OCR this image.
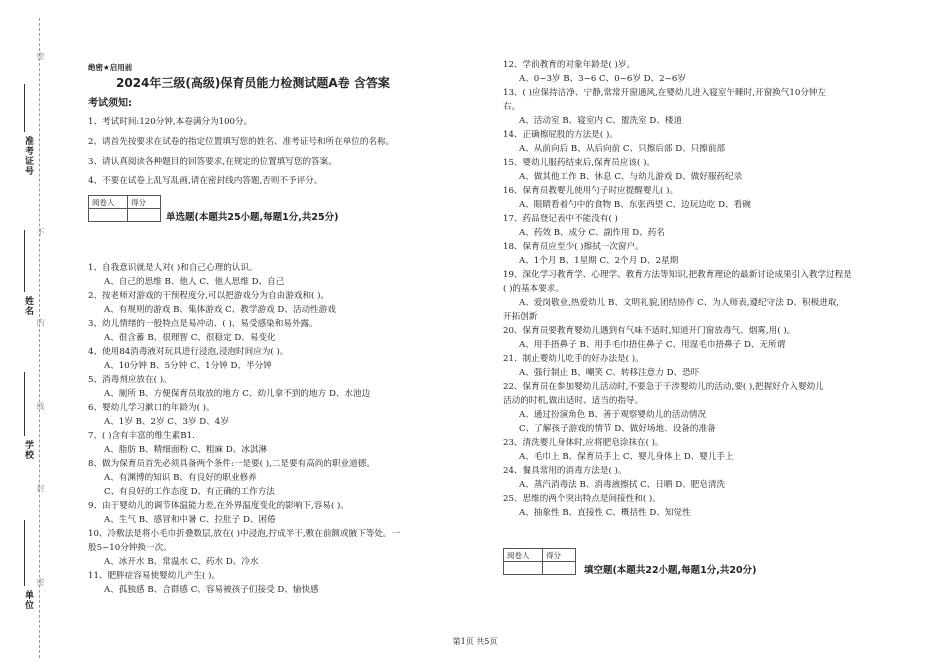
密
不
内
线
封
密
准考证号
姓名
学校
单位
绝密★启用前
2024年三级(高级)保育员能力检测试题A卷 含答案
考试须知:
1、考试时间:120分钟,本卷满分为100分。
2、请首先按要求在试卷的指定位置填写您的姓名、准考证号和所在单位的名称。
3、请认真阅读各种题目的回答要求,在规定的位置填写您的答案。
4、不要在试卷上乱写乱画,请在密封线内答题,否则不予评分。
阅卷人	得分

单选题(本题共25小题,每题1分,共25分)
1、自我意识就是人对( )和自己心理的认识。
A、自己的思维 B、他人 C、他人思维 D、自己
2、按老师对游戏的干预程度分,可以把游戏分为自由游戏和( )。
A、有规则的游戏 B、集体游戏 C、教学游戏 D、活动性游戏
3、幼儿情绪的一般特点是易冲动、( )、易受感染和易外露。
A、很含蓄 B、很理智 C、很稳定 D、易变化
4、使用84消毒液对玩具进行浸泡,浸泡时间应为( )。
A、10分钟 B、5分钟 C、1分钟 D、半分钟
5、消毒剂应放在( )。
A、厕所 B、方便保育员取放的地方 C、幼儿拿不到的地方 D、水池边
6、婴幼儿学习漱口的年龄为( )。
A、1岁 B、2岁 C、3岁 D、4岁
7、( )含有丰富的维生素B1.
A、脂肪 B、精细面粉 C、粗麻 D、冰淇淋
8、做为保育员首先必须具备两个条件:一是要( ),二是要有高尚的职业道德。
A、有渊博的知识 B、有良好的职业修养
C、有良好的工作态度 D、有正确的工作方法
9、由于婴幼儿的调节体温能力差,在外界温度变化的影响下,容易( )。
A、生气 B、感冒和中暑 C、拉肚子 D、困倦
10、冷敷法是将小毛巾折叠数层,放在( )中浸泡,拧成半干,敷在前额或腋下等处。一
般5~10分钟换一次。
A、冰开水 B、常温水 C、药水 D、冷水
11、肥胖症容易使婴幼儿产生( )。
A、孤独感 B、合群感 C、容易被孩子们接受 D、愉快感
12、学前教育的对象年龄是( )岁。
A、0~3岁 B、3~6 C、0~6岁 D、2~6岁
13、( )应保持洁净、宁静,常常开窗通风,在婴幼儿进入寝室午睡时,开窗换气10分钟左
右。
A、活动室 B、寝室内 C、盥洗室 D、楼道
14、正确擦屁股的方法是( )。
A、从前向后 B、从后向前 C、只擦后部 D、只擦前部
15、婴幼儿服药结束后,保育员应该( )。
A、做其他工作 B、休息 C、与幼儿游戏 D、做好服药纪录
16、保育员教婴儿使用勺子时应提醒婴儿( )。
A、眼睛看着勺中的食物 B、东张西望 C、边玩边吃 D、看碗
17、药品登记表中不能没有( )
A、药效 B、成分 C、副作用 D、药名
18、保育员应至少( )擦拭一次窗户。
A、1个月 B、1星期 C、2个月 D、2星期
19、深化学习教育学、心理学、教育方法等知识,把教育理论的最新讨论成果引入教学过程是
( )的基本要求。
A、爱岗敬业,热爱幼儿 B、文明礼貌,团结协作 C、为人师表,遵纪守法 D、积极进取,
开拓创新
20、保育员要教育婴幼儿遇到有气味不适时,知道开门窗放毒气、烟雾,用( )。
A、用手捂鼻子 B、用手毛巾捂住鼻子 C、用湿毛巾捂鼻子 D、无所谓
21、制止婴幼儿吃手的好办法是( )。
A、强行制止 B、嘲笑 C、转移注意力 D、恐吓
22、保育员在参加婴幼儿活动时,不要急于干涉婴幼儿的活动,要( ),把握好介入婴幼儿
活动的时机,做出适时、适当的指导。
A、通过扮演角色 B、善于观察婴幼儿的活动情况
C、了解孩子游戏的情节 D、做好场地、设备的准备
23、清洗婴儿身体时,应将肥皂涂抹在( )。
A、毛巾上 B、保育员手上 C、婴儿身体上 D、婴儿手上
24、餐具常用的消毒方法是( )。
A、蒸汽消毒法 B、消毒液擦拭 C、日晒 D、肥皂清洗
25、思维的两个突出特点是间接性和( )。
A、抽象性 B、直接性 C、概括性 D、知觉性
阅卷人	得分

填空题(本题共22小题,每题1分,共20分)
第1页 共5页
